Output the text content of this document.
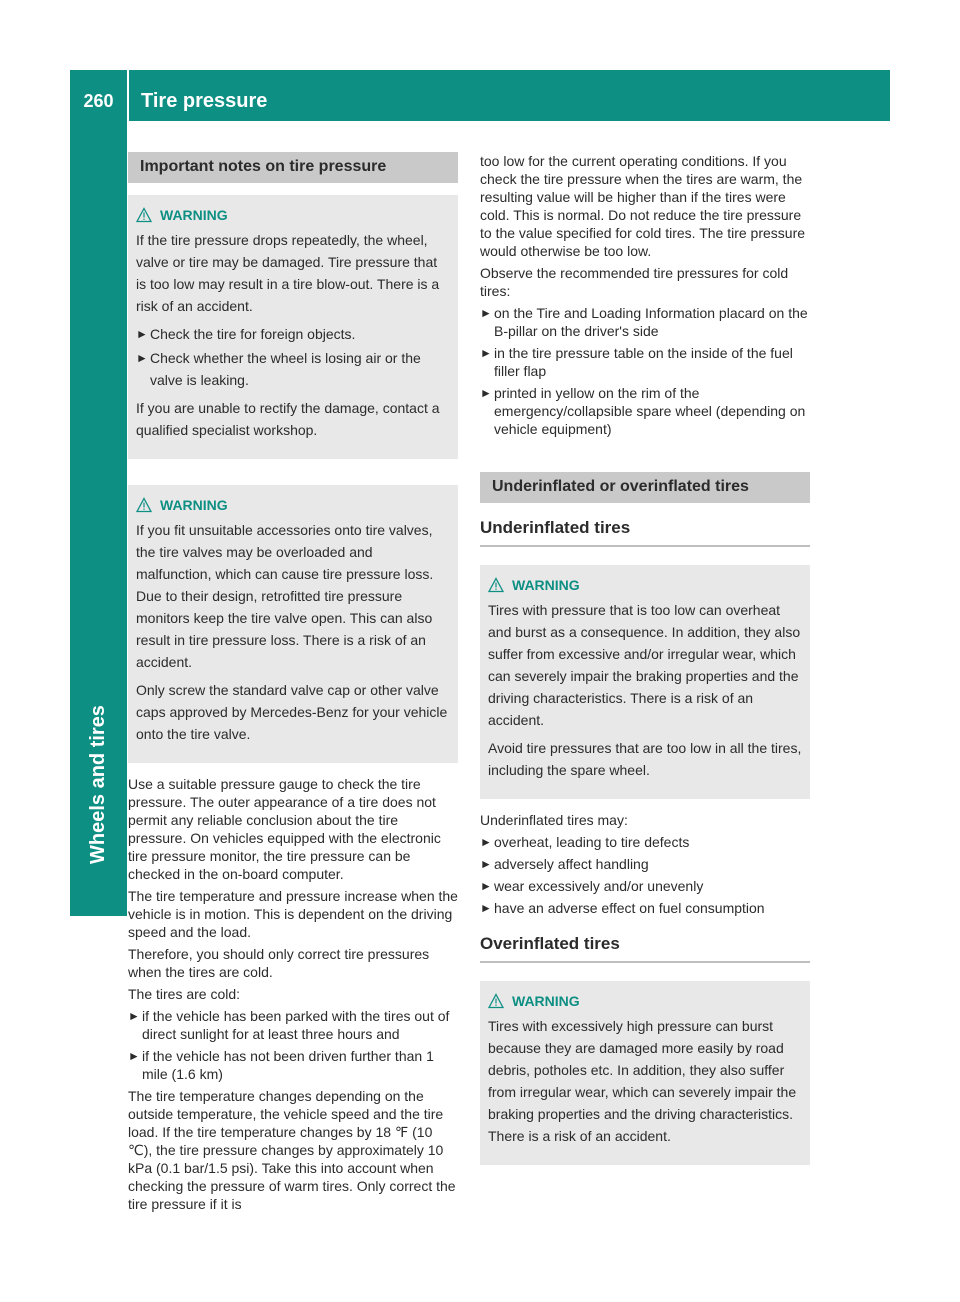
260	Tire pressure
Wheels and tires
Important notes on tire pressure
WARNING

If the tire pressure drops repeatedly, the wheel, valve or tire may be damaged. Tire pressure that is too low may result in a tire blow-out. There is a risk of an accident.

► Check the tire for foreign objects.
► Check whether the wheel is losing air or the valve is leaking.

If you are unable to rectify the damage, contact a qualified specialist workshop.

WARNING

If you fit unsuitable accessories onto tire valves, the tire valves may be overloaded and malfunction, which can cause tire pressure loss. Due to their design, retrofitted tire pressure monitors keep the tire valve open. This can also result in tire pressure loss. There is a risk of an accident.

Only screw the standard valve cap or other valve caps approved by Mercedes-Benz for your vehicle onto the tire valve.

Use a suitable pressure gauge to check the tire pressure. The outer appearance of a tire does not permit any reliable conclusion about the tire pressure. On vehicles equipped with the electronic tire pressure monitor, the tire pressure can be checked in the on-board computer.

The tire temperature and pressure increase when the vehicle is in motion. This is dependent on the driving speed and the load.

Therefore, you should only correct tire pressures when the tires are cold.

The tires are cold:

► if the vehicle has been parked with the tires out of direct sunlight for at least three hours and
► if the vehicle has not been driven further than 1 mile (1.6 km)

The tire temperature changes depending on the outside temperature, the vehicle speed and the tire load. If the tire temperature changes by 18 ℉ (10 ℃), the tire pressure changes by approximately 10 kPa (0.1 bar/1.5 psi). Take this into account when checking the pressure of warm tires. Only correct the tire pressure if it is

too low for the current operating conditions. If you check the tire pressure when the tires are warm, the resulting value will be higher than if the tires were cold. This is normal. Do not reduce the tire pressure to the value specified for cold tires. The tire pressure would otherwise be too low.

Observe the recommended tire pressures for cold tires:

► on the Tire and Loading Information placard on the B-pillar on the driver's side
► in the tire pressure table on the inside of the fuel filler flap
► printed in yellow on the rim of the emergency/collapsible spare wheel (depending on vehicle equipment)
Underinflated or overinflated tires
Underinflated tires
WARNING

Tires with pressure that is too low can overheat and burst as a consequence. In addition, they also suffer from excessive and/or irregular wear, which can severely impair the braking properties and the driving characteristics. There is a risk of an accident.

Avoid tire pressures that are too low in all the tires, including the spare wheel.

Underinflated tires may:

► overheat, leading to tire defects
► adversely affect handling
► wear excessively and/or unevenly
► have an adverse effect on fuel consumption
Overinflated tires
WARNING

Tires with excessively high pressure can burst because they are damaged more easily by road debris, potholes etc. In addition, they also suffer from irregular wear, which can severely impair the braking properties and the driving characteristics. There is a risk of an accident.
